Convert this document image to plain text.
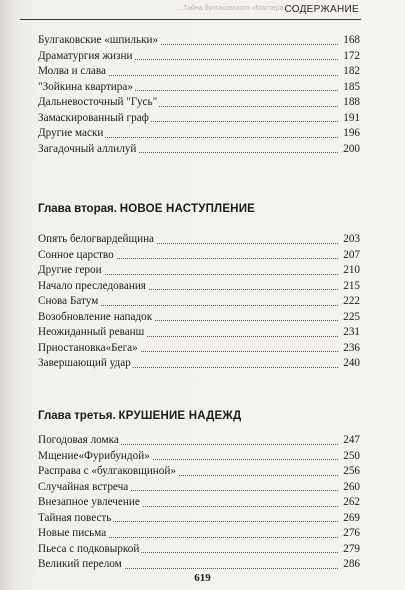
…Тайна булгаковского «Мастера…»
СОДЕРЖАНИЕ
Булгаковские «шпильки»	168
Драматургия жизни	172
Молва и слава	182
"Зойкина квартира»	185
Дальневосточный "Гусь"	188
Замаскированный граф	191
Другие маски	196
Загадочный аллилуй	200
Глава вторая. НОВОЕ НАСТУПЛЕНИЕ
Опять белогвардейщина	203
Сонное царство	207
Другие герои	210
Начало преследования	215
Снова Батум	222
Возобновление нападок	225
Неожиданный реванш	231
Приостановка«Бега»	236
Завершающий удар	240
Глава третья. КРУШЕНИЕ НАДЕЖД
Погодовая ломка	247
Мщение«Фурибундой»	250
Расправа с «булгаковщиной»	256
Случайная встреча	260
Внезапное увлечение	262
Тайная повесть	269
Новые письма	276
Пьеса с подковыркой	279
Великий перелом	286
619
